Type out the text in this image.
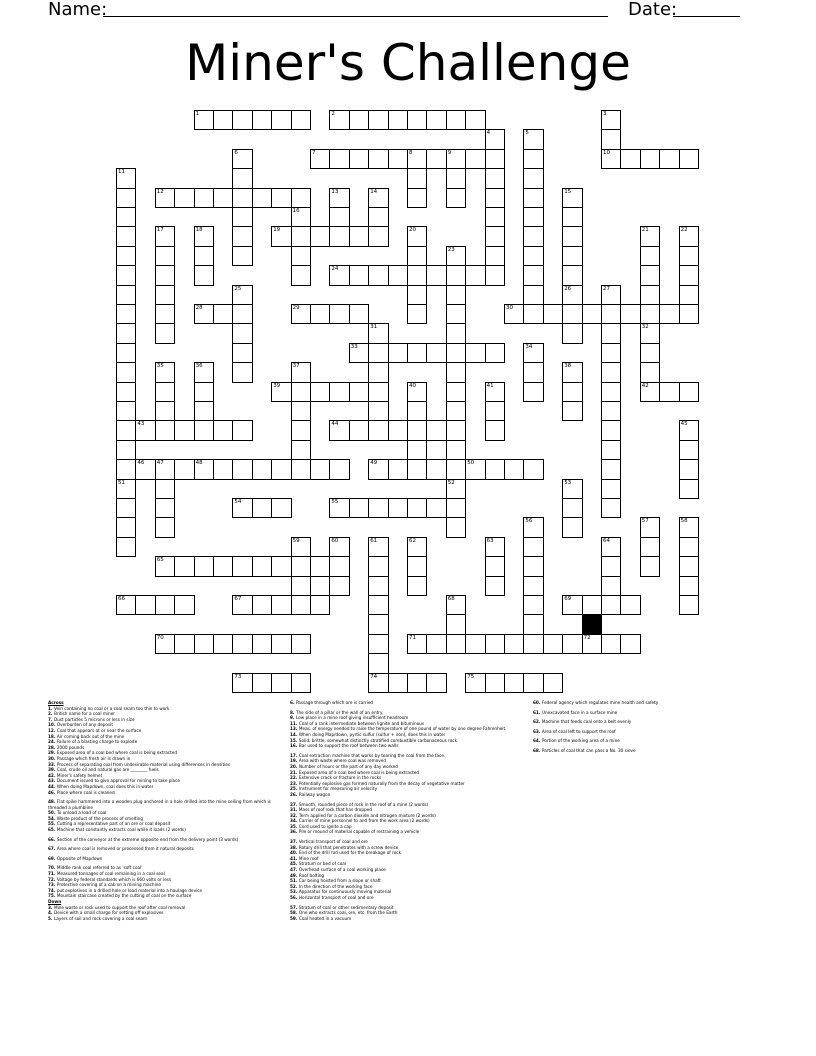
Name:	Date:
Miner's Challenge
1	2	3
10
4	5
6	7	8	9
11
51
12	13	14	15
26
16
17	18	19	20	21	22
23
24
25	27
28	29	30
31	32
33	34
35	36	37	38
39	40	41	42
43	44	45
46 47	48	49	50
52	53
54	55
56	57	58
59	60	61	62	63	64
65
66	67	68	69
70	71	72
73	74	75
Across
1. Vein containing no coal or a coal seam too thin to work
2. British name for a coal miner
7. Dust particles 5 microns or less in size
10. Overburden of any deposit
12. Coal that appears at or near the surface
18. Air coming back out of the mine
24. Failure of a blasting charge to explode
28. 2000 pounds
29. Exposed area of a coal bed where coal is being extracted
30. Passage which fresh air is drawn in
33. Process of separating coal from undesirable material using differences in densities
39. Coal, crude oil and natural gas are ________ fuels
42. Miner's safety helmet
43. Document issued to give approval for mining to take place
44. When doing Mapdown, coal does this in water
46. Place where coal is cleaned
48. Flat spike hammered into a wooden plug anchored in a hole drilled into the mine ceiling from which is threaded a plumbline
50. To unload a load of coal
54. Waste product of the process of smelting
55. Cutting a representative part of an ore or coal deposit
65. Machine that constantly extracts coal while it loads (2 words)
66. Section of the conveyor at the extreme opposite end from the delivery point (3 words)
67. Area where coal is removed or processed from it natural deposits
69. Opposite of Mapdown
70. Middle rank coal referred to as 'soft coal'
71. Measured tonnages of coal remaining in a coal seal
72. Voltage by federal standards which is 660 volts or less
73. Protective covering of a cab on a mining machine
74. put explosives in a drilled hole or load material into a haulage device
75. Mountain staircase created by the cutting of coal on the surface
Down
3. Mine waste or rock used to support the roof after coal removal
4. Device with a small charge for setting off explosives
5. Layers of soil and rock covering a coal seam
6. Passage through which ore is carried
8. The side of a pillar or the wall of an entry.
9. Low place in a mine roof giving insufficient headroom
11. Coal of a rank intermediate between lignite and bituminous
13. Meas. of energy needed to raise the temperature of one pound of water by one degree Fahrenheit.
14. When doing Map/down, pyrtic sulfur (sulfur + iron), does this in water
15. Solid, brittle, somewhat distinctly stratified combustible carbonaceous rock
16. Bar used to support the roof between two walls
17. Coal extraction machine that works by tearing the coal from the face.
19. Area with waste where coal was removed
20. Number of hours or the part of any day worked
21. Exposed area of a coal bed where coal is being extracted
22. Extensive crack or fracture in the rocks
23. Potentially explosive gas formed naturally from the decay of vegetative matter
25. Instrument for measuring air velocity
26. Railway wagon
27. Smooth, rounded piece of rock in the roof of a mine (2 words)
31. Mass of roof rock that has dropped
32. Term applied for a carbon dioxide and nitrogen mixture (2 words)
34. Carrier of mine personnel to and from the work area (2 words)
35. Cord used to ignite a cap
36. Pile or mound of material capable of restraining a vehicle
37. Vertical transport of coal and ore
38. Rotary drill that penetrates with a screw device
40. End of the drill rod used for the breakage of rock
41. Mine roof
45. Stratum or bed of coal
47. Overhead surface of a coal working place
49. Roof bolting
51. Car being hoisted from a slope or shaft
52. In the direction of the working face
53. Apparatus for continuously moving material
56. Horizontal transport of coal and ore
57. Stratum of coal or other sedimentary deposit
58. One who extracts coal, ore, etc. from the Earth
59. Coal heated in a vacuum
60. Federal agency which regulates mine health and safety
61. Unexcavated face in a surface mine
62. Machine that feeds coal onto a belt evenly
63. Area of coal left to support the roof
64. Portion of the working area of a mine
68. Particles of coal that can pass a No. 30 sieve
